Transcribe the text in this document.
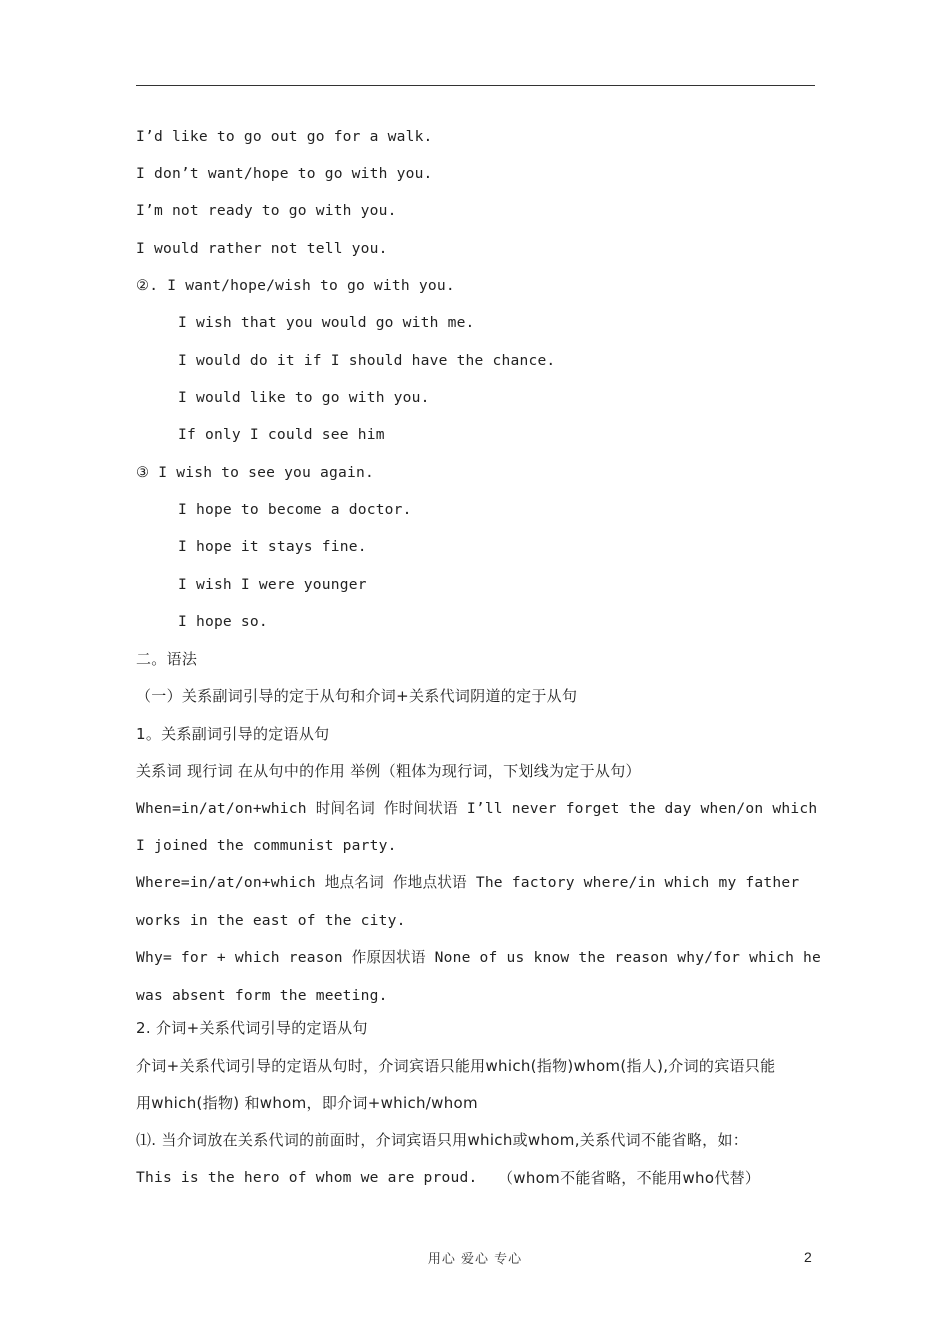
I’d like to go out go for a walk.
I don’t want/hope to go with you.
I’m not ready to go with you.
I would rather not tell you.
②. I want/hope/wish to go with you.
I wish that you would go with me.
I would do it if I should have the chance.
I would like to go with you.
If only I could see him
③ I wish to see you again.
I hope to become a doctor.
I hope it stays fine.
I wish I were younger
I hope so.
二。语法
（一）关系副词引导的定于从句和介词+关系代词阴道的定于从句
1。关系副词引导的定语从句
关系词 现行词 在从句中的作用 举例（粗体为现行词，下划线为定于从句）
When=in/at/on+which 时间名词 作时间状语 I’ll never forget the day when/on which
I joined the communist party.
Where=in/at/on+which 地点名词 作地点状语 The factory where/in which my father
works in the east of the city.
Why= for + which reason 作原因状语 None of us know the reason why/for which he
was absent form the meeting.
2. 介词+关系代词引导的定语从句
介词+关系代词引导的定语从句时，介词宾语只能用which(指物)whom(指人),介词的宾语只能
用which(指物) 和whom，即介词+which/whom
⑴. 当介词放在关系代词的前面时，介词宾语只用which或whom,关系代词不能省略，如：
This is the hero of whom we are proud. （whom不能省略，不能用who代替）
用心 爱心 专心	2
